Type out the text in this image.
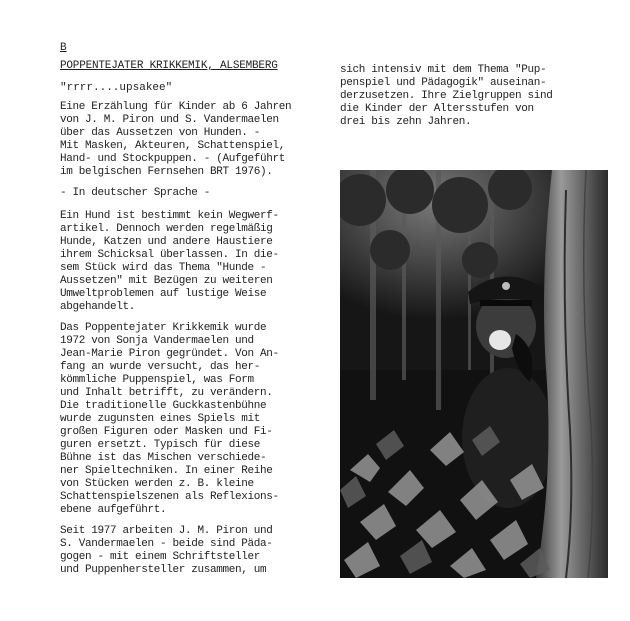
B
POPPENTEJATER KRIKKEMIK, ALSEMBERG
"rrrr....upsakee"

Eine Erzählung für Kinder ab 6 Jahren
von J. M. Piron und S. Vandermaelen
über das Aussetzen von Hunden. -
Mit Masken, Akteuren, Schattenspiel,
Hand- und Stockpuppen. - (Aufgeführt
im belgischen Fernsehen BRT 1976).

- In deutscher Sprache -

Ein Hund ist bestimmt kein Wegwerf-
artikel. Dennoch werden regelmäßig
Hunde, Katzen und andere Haustiere
ihrem Schicksal überlassen. In die-
sem Stück wird das Thema "Hunde -
Aussetzen" mit Bezügen zu weiteren
Umweltproblemen auf lustige Weise
abgehandelt.

Das Poppentejater Krikkemik wurde
1972 von Sonja Vandermaelen und
Jean-Marie Piron gegründet. Von An-
fang an wurde versucht, das her-
kömmliche Puppenspiel, was Form
und Inhalt betrifft, zu verändern.
Die traditionelle Guckkastenbühne
wurde zugunsten eines Spiels mit
großen Figuren oder Masken und Fi-
guren ersetzt. Typisch für diese
Bühne ist das Mischen verschiede-
ner Spieltechniken. In einer Reihe
von Stücken werden z. B. kleine
Schattenspielszenen als Reflexions-
ebene aufgeführt.

Seit 1977 arbeiten J. M. Piron und
S. Vandermaelen - beide sind Päda-
gogen - mit einem Schriftsteller
und Puppenhersteller zusammen, um

sich intensiv mit dem Thema "Pup-
penspiel und Pädagogik" auseinan-
derzusetzen. Ihre Zielgruppen sind
die Kinder der Altersstufen von
drei bis zehn Jahren.
